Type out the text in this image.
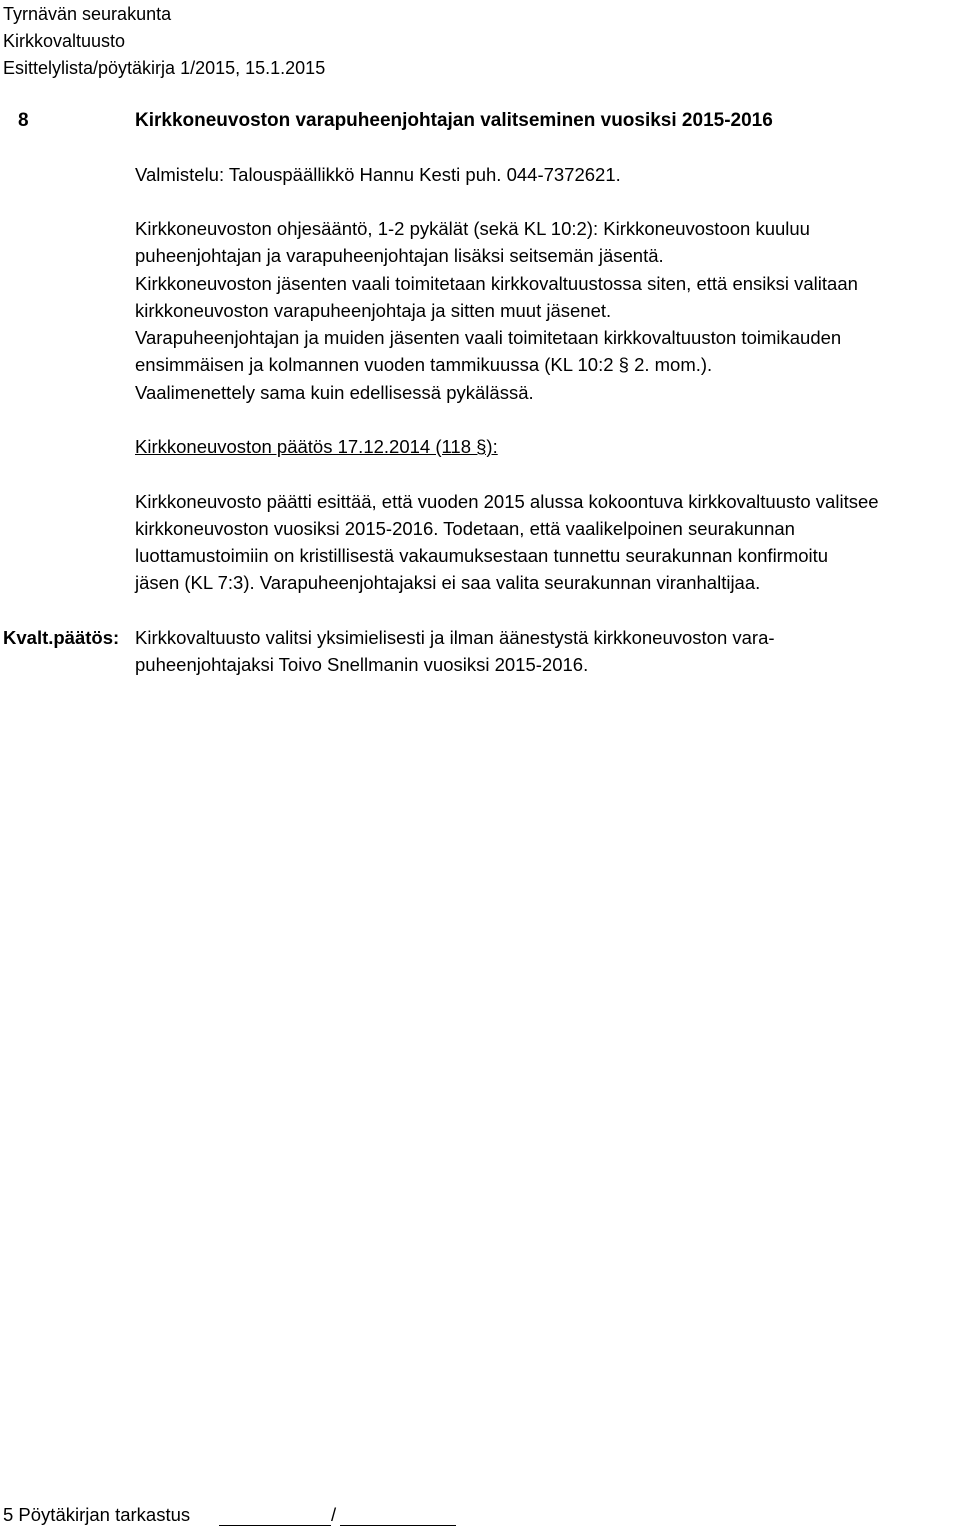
Tyrnävän seurakunta
Kirkkovaltuusto
Esittelylista/pöytäkirja 1/2015, 15.1.2015
8	Kirkkoneuvoston varapuheenjohtajan valitseminen vuosiksi 2015-2016
Valmistelu: Talouspäällikkö Hannu Kesti puh. 044-7372621.
Kirkkoneuvoston ohjesääntö, 1-2 pykälät (sekä KL 10:2): Kirkkoneuvostoon kuuluu
puheenjohtajan ja varapuheenjohtajan lisäksi seitsemän jäsentä.
Kirkkoneuvoston jäsenten vaali toimitetaan kirkkovaltuustossa siten, että ensiksi valitaan
kirkkoneuvoston varapuheenjohtaja ja sitten muut jäsenet.
Varapuheenjohtajan ja muiden jäsenten vaali toimitetaan kirkkovaltuuston toimikauden
ensimmäisen ja kolmannen vuoden tammikuussa (KL 10:2 § 2. mom.).
Vaalimenettely sama kuin edellisessä pykälässä.
Kirkkoneuvoston päätös 17.12.2014 (118 §):
Kirkkoneuvosto päätti esittää, että vuoden 2015 alussa kokoontuva kirkkovaltuusto valitsee
kirkkoneuvoston vuosiksi 2015-2016. Todetaan, että vaalikelpoinen seurakunnan
luottamustoimiin on kristillisestä vakaumuksestaan tunnettu seurakunnan konfirmoitu
jäsen (KL 7:3). Varapuheenjohtajaksi ei saa valita seurakunnan viranhaltijaa.
Kvalt.päätös: Kirkkovaltuusto valitsi yksimielisesti ja ilman äänestystä kirkkoneuvoston vara-
puheenjohtajaksi Toivo Snellmanin vuosiksi 2015-2016.
5 Pöytäkirjan tarkastus	/
